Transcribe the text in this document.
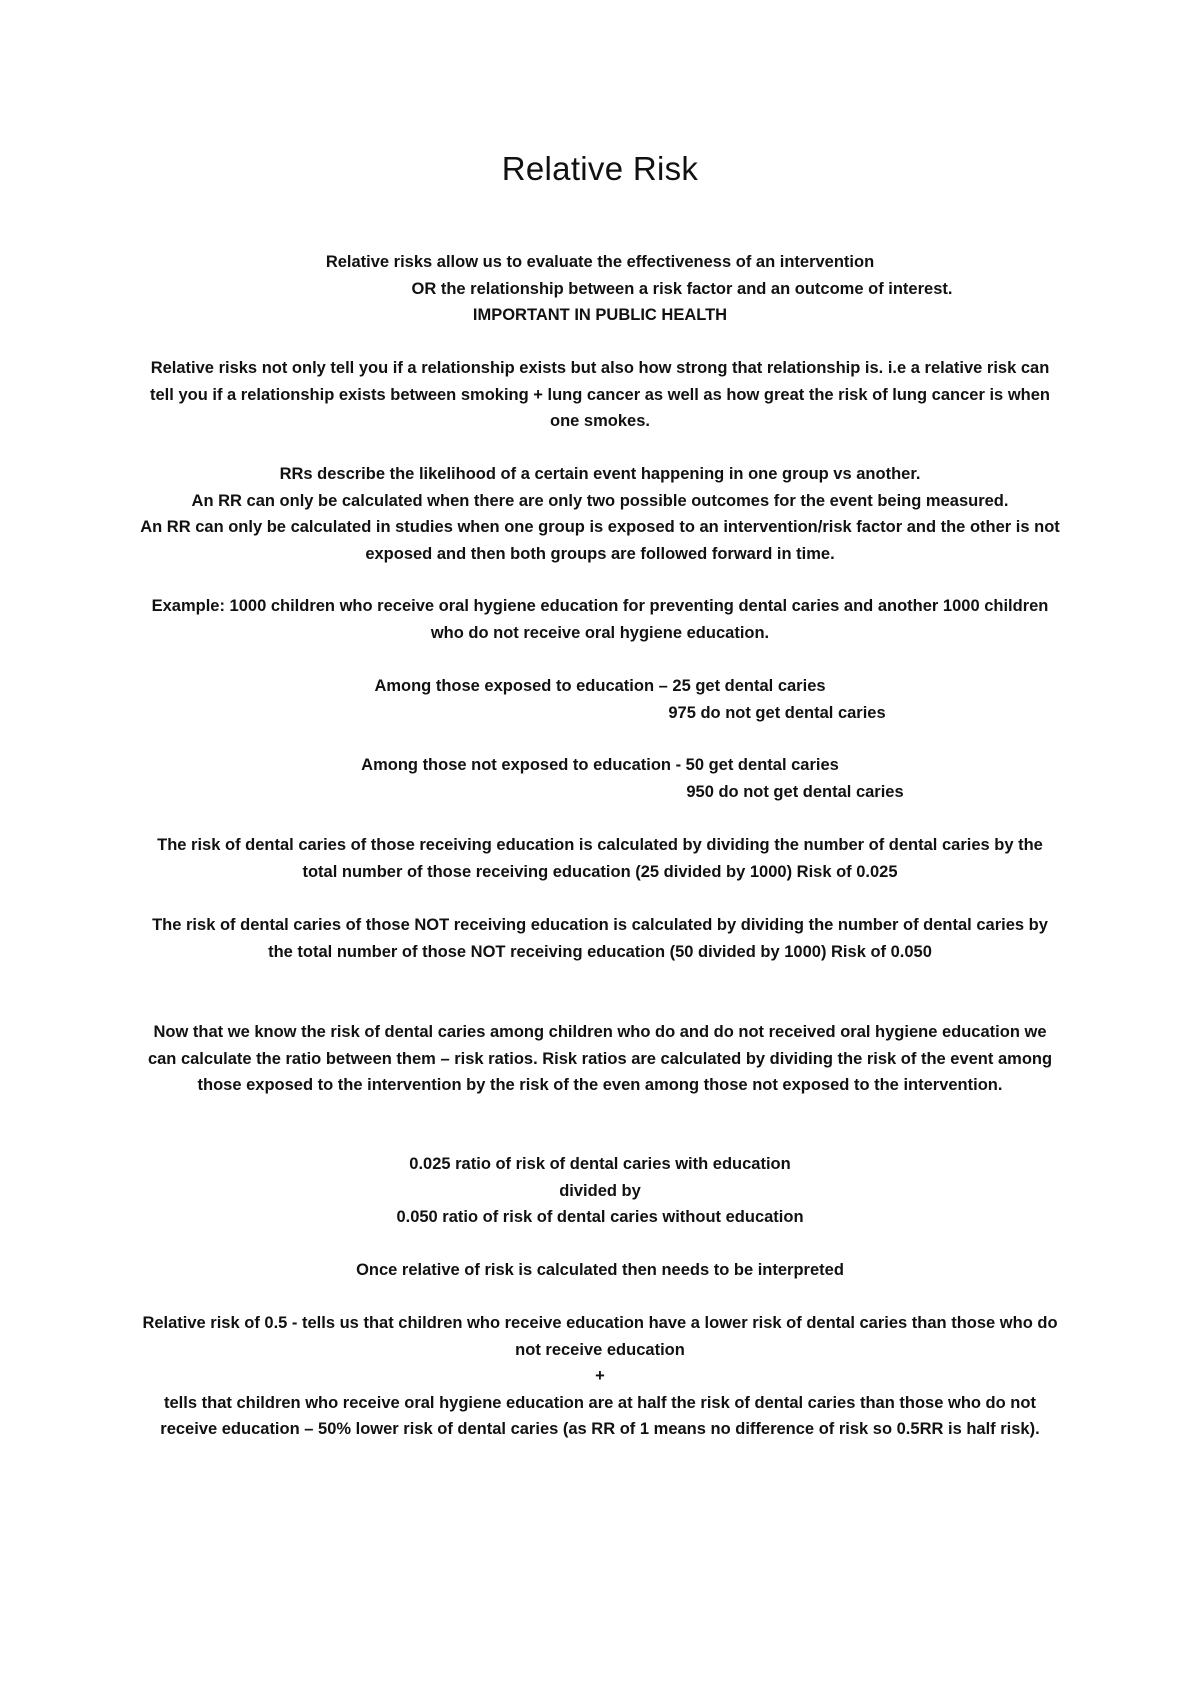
Relative Risk
Relative risks allow us to evaluate the effectiveness of an intervention
OR the relationship between a risk factor and an outcome of interest.
IMPORTANT IN PUBLIC HEALTH
Relative risks not only tell you if a relationship exists but also how strong that relationship is. i.e a relative risk can tell you if a relationship exists between smoking + lung cancer as well as how great the risk of lung cancer is when one smokes.
RRs describe the likelihood of a certain event happening in one group vs another.
An RR can only be calculated when there are only two possible outcomes for the event being measured.
An RR can only be calculated in studies when one group is exposed to an intervention/risk factor and the other is not exposed and then both groups are followed forward in time.
Example: 1000 children who receive oral hygiene education for preventing dental caries and another 1000 children who do not receive oral hygiene education.
Among those exposed to education – 25 get dental caries
975 do not get dental caries
Among those not exposed to education - 50 get dental caries
950 do not get dental caries
The risk of dental caries of those receiving education is calculated by dividing the number of dental caries by the total number of those receiving education (25 divided by 1000) Risk of 0.025
The risk of dental caries of those NOT receiving education is calculated by dividing the number of dental caries by the total number of those NOT receiving education (50 divided by 1000) Risk of 0.050
Now that we know the risk of dental caries among children who do and do not received oral hygiene education we can calculate the ratio between them – risk ratios. Risk ratios are calculated by dividing the risk of the event among those exposed to the intervention by the risk of the even among those not exposed to the intervention.
0.025 ratio of risk of dental caries with education
divided by
0.050 ratio of risk of dental caries without education
Once relative of risk is calculated then needs to be interpreted
Relative risk of 0.5 - tells us that children who receive education have a lower risk of dental caries than those who do not receive education
+
tells that children who receive oral hygiene education are at half the risk of dental caries than those who do not receive education – 50% lower risk of dental caries (as RR of 1 means no difference of risk so 0.5RR is half risk).
